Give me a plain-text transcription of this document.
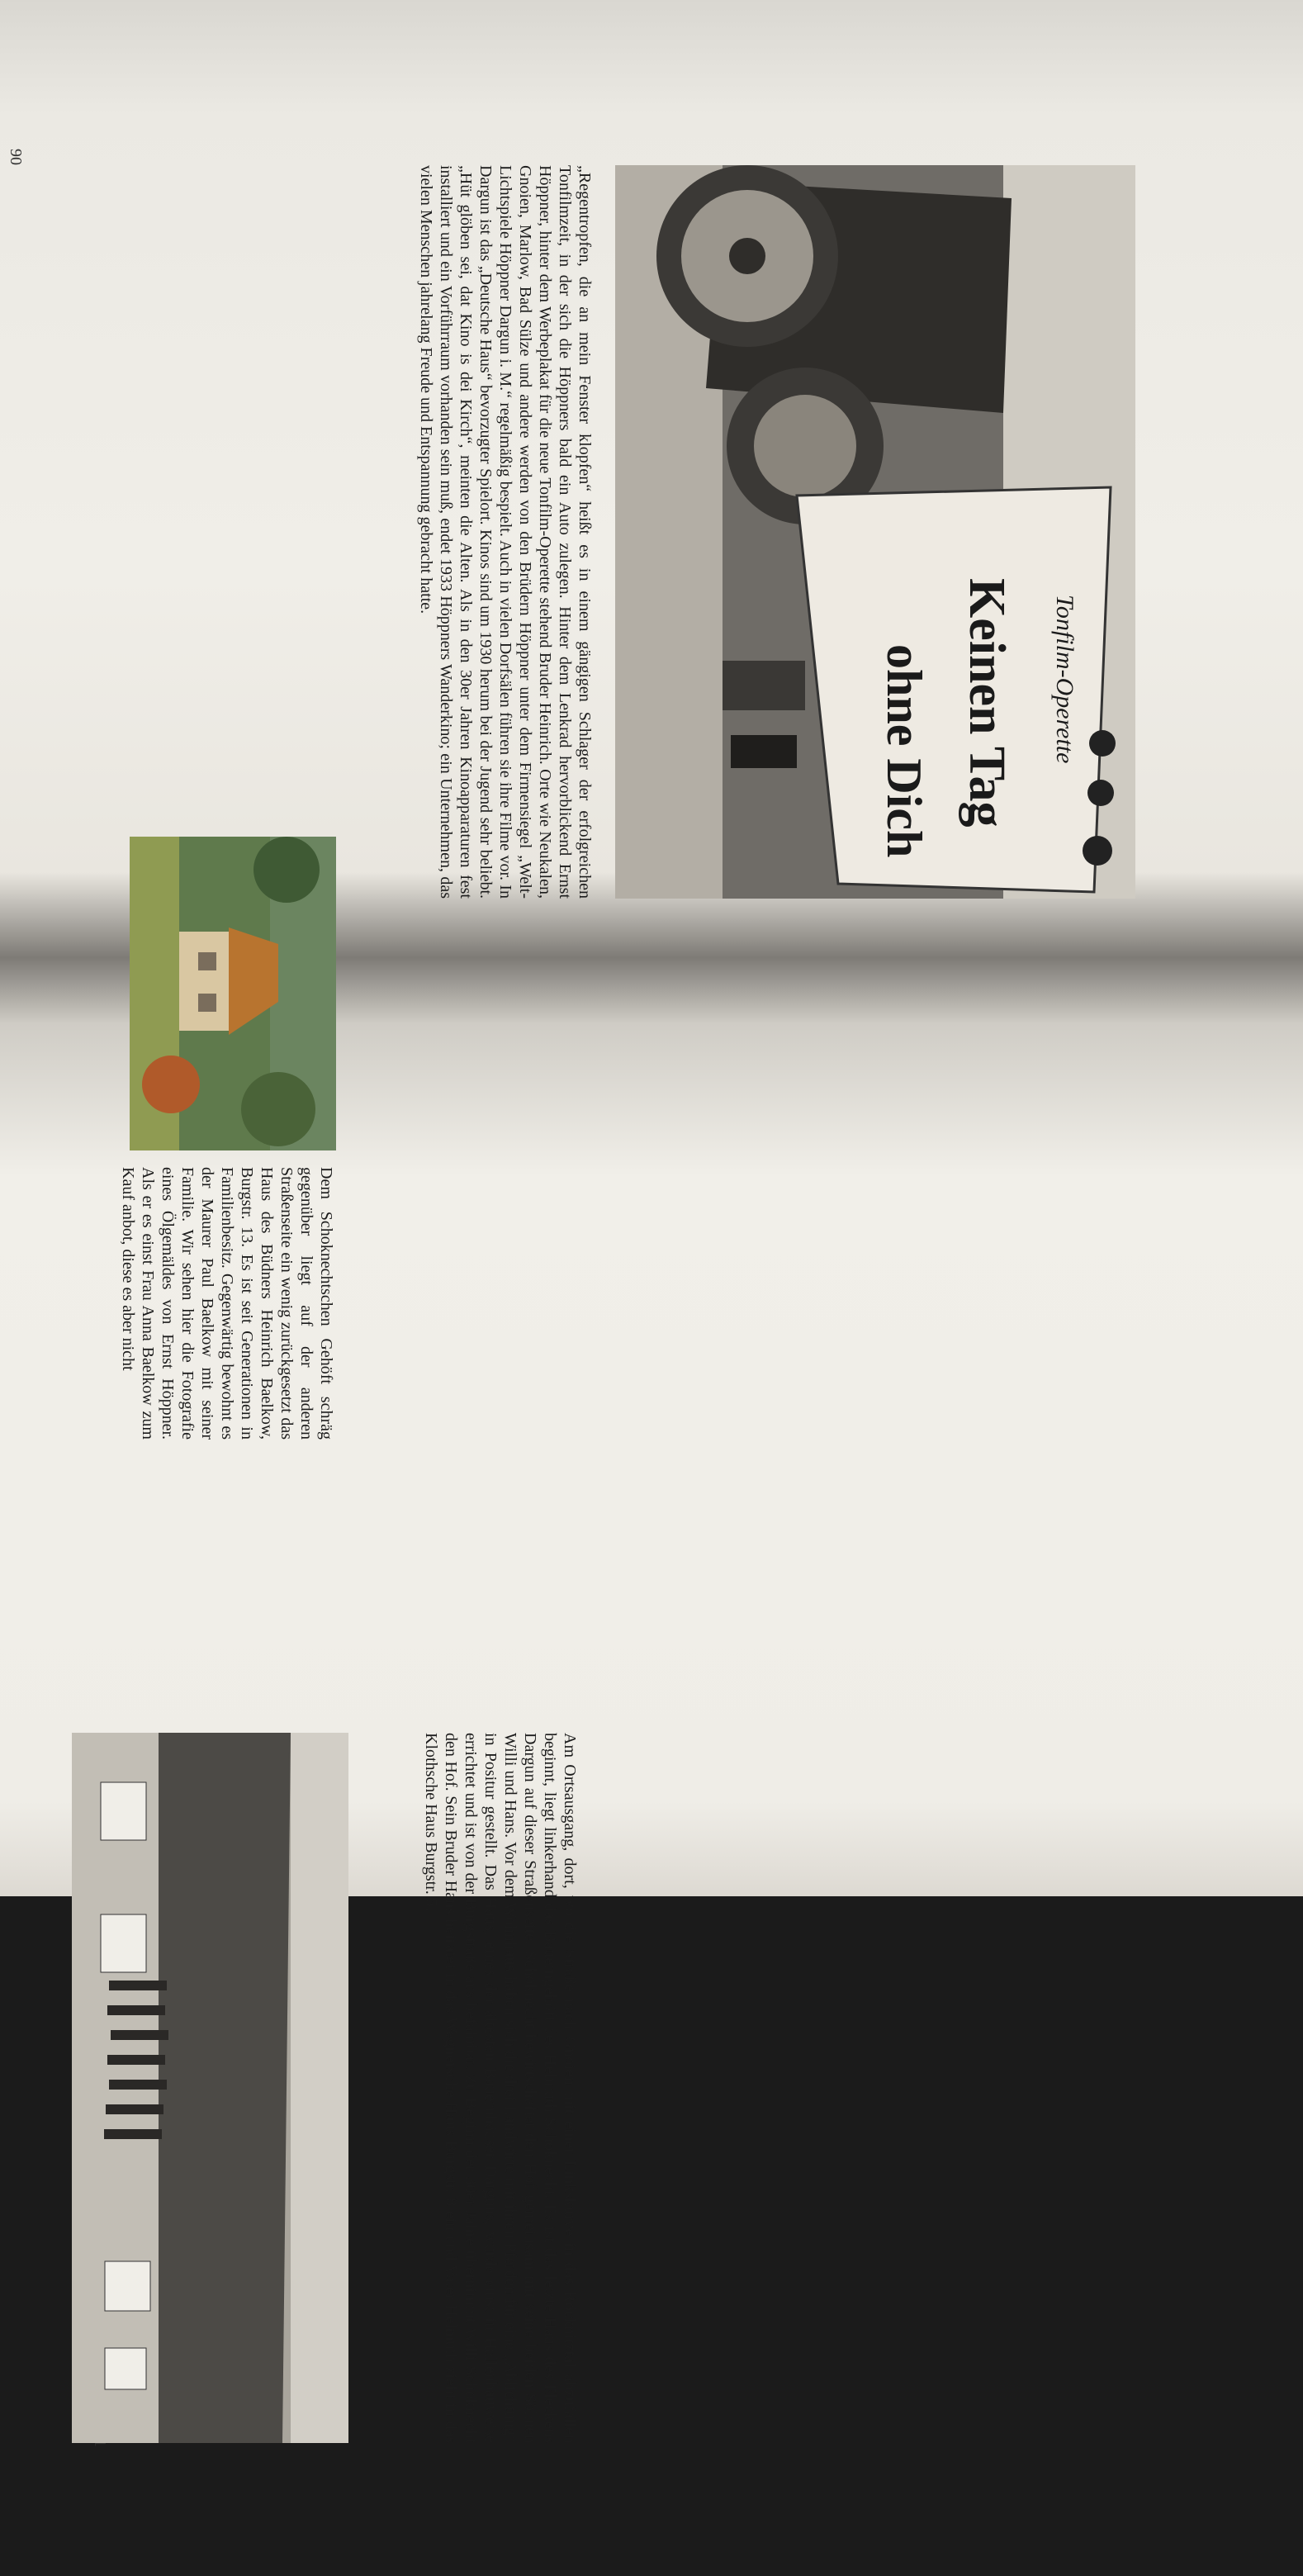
90
Tonfilm-Operette
Keinen Tag
ohne Dich

„Regentropfen, die an mein Fenster klopfen“ heißt es in einem gängigen Schlager der erfolgreichen Tonfilmzeit, in der sich die Höppners bald ein Auto zulegen. Hinter dem Lenkrad hervorblickend Ernst Höppner, hinter dem Werbeplakat für die neue Tonfilm-Operette stehend Bruder Heinrich. Orte wie Neukalen, Gnoien, Marlow, Bad Sülze und andere werden von den Brüdern Höppner unter dem Firmensiegel „Welt-Lichtspiele Höppner Dargun i. M.“ regelmäßig bespielt. Auch in vielen Dorfsälen führen sie ihre Filme vor. In Dargun ist das „Deutsche Haus“ bevorzugter Spielort. Kinos sind um 1930 herum bei der Jugend sehr beliebt. „Hüt glöben sei, dat Kino is dei Kirch“, meinten die Alten. Als in den 30er Jahren Kinoapparaturen fest installiert und ein Vorführraum vorhanden sein muß, endet 1933 Höppners Wanderkino; ein Unternehmen, das vielen Menschen jahrelang Freude und Entspannung gebracht hatte.

Am Ortsausgang, dort, wo die Straße nach Gnoien mit einer Linkskurve in das Röcknitztal abzufallen beginnt, liegt linkerhand das Bauerngehöft des Helmuth Schoknecht. Es ist das letzte Haus des Fleckens Dargun auf dieser Straßenseite. Schoknecht bewirtschaftet den Hof gemeinsam mit seine beiden Söhnen Willi und Hans. Vor dem Wohnhaus haben sich die drei Landwirte mit ihren Pferden für eine „Ablichtung“ in Positur gestellt. Das Haus, eines der ältesten Bauernhäuser Darguns, wurde einst in Hallenbauweise errichtet und ist von der Burgstraße aus befahrbar. Zu Beginn der 30er Jahre übernimmt Willi Schoknecht den Hof. Sein Bruder Hans heiratet in das Wegnersche Haus Burgstr. 8 ein und Vater Helmuth zieht in das Klothsche Haus Burgstr. 5.

Dem Schoknechtschen Gehöft schräg gegenüber liegt auf der anderen Straßenseite ein wenig zurückgesetzt das Haus des Büdners Heinrich Baelkow, Burgstr. 13. Es ist seit Generationen in Familienbesitz. Gegenwärtig bewohnt es der Maurer Paul Baelkow mit seiner Familie. Wir sehen hier die Fotografie eines Ölgemäldes von Ernst Höppner. Als er es einst Frau Anna Baelkow zum Kauf anbot, diese es aber nicht
